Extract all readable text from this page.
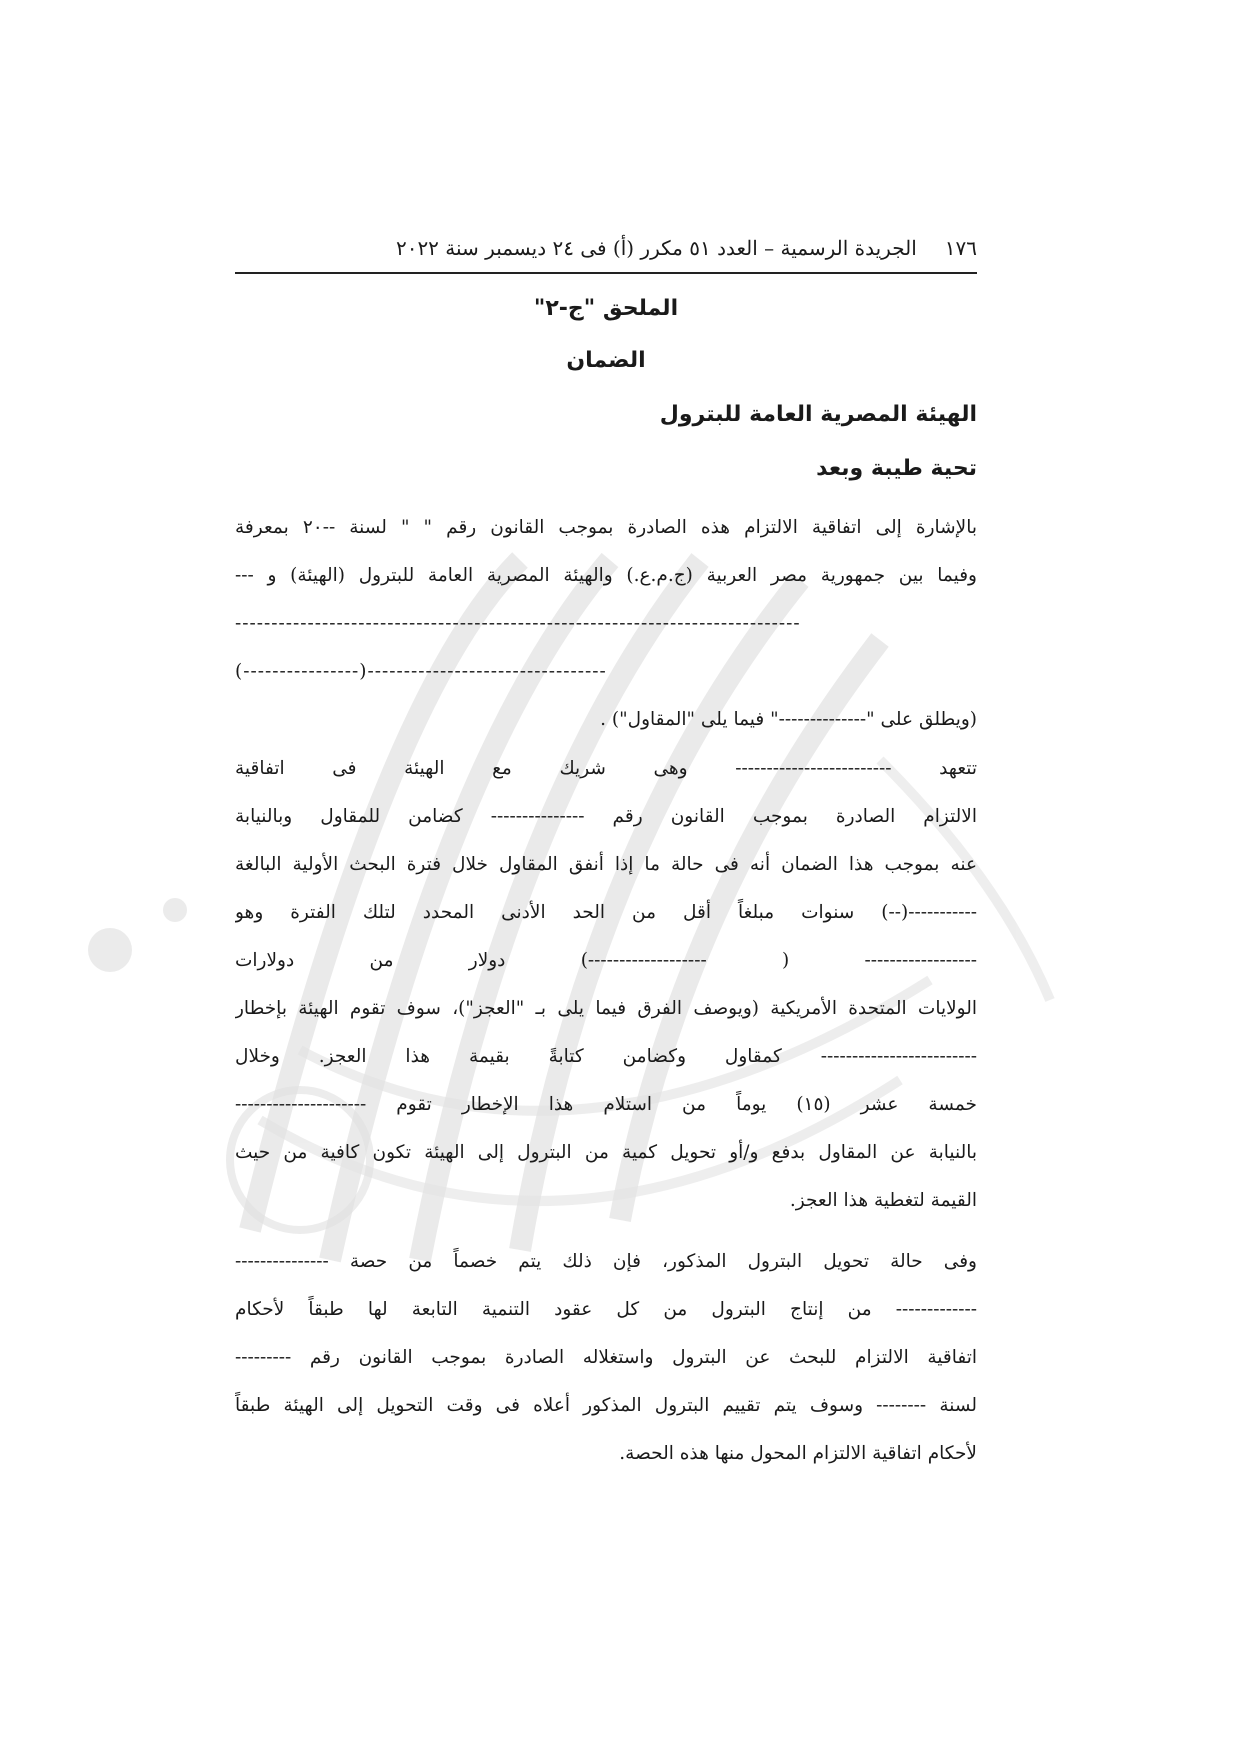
١٧٦
الجريدة الرسمية – العدد ٥١ مكرر (أ) فى ٢٤ ديسمبر سنة ٢٠٢٢
الملحق "ج-٢"
الضمان
الهيئة المصرية العامة للبترول
تحية طيبة وبعد
بالإشارة إلى اتفاقية الالتزام هذه الصادرة بموجب القانون رقم " " لسنة --٢٠ بمعرفة
وفيما بين جمهورية مصر العربية (ج.م.ع.) والهيئة المصرية العامة للبترول (الهيئة) و ---
------------------------------------------------------------------------------
(----------------)---------------------------------
(ويطلق على "--------------" فيما يلى "المقاول") .
تتعهد ------------------------- وهى شريك مع الهيئة فى اتفاقية
الالتزام الصادرة بموجب القانون رقم --------------- كضامن للمقاول وبالنيابة
عنه بموجب هذا الضمان أنه فى حالة ما إذا أنفق المقاول خلال فترة البحث الأولية البالغة
-----------(--) سنوات مبلغاً أقل من الحد الأدنى المحدد لتلك الفترة وهو
------------------ ( -------------------) دولار من دولارات
الولايات المتحدة الأمريكية (ويوصف الفرق فيما يلى بـ "العجز")، سوف تقوم الهيئة بإخطار
------------------------- كمقاول وكضامن كتابةً بقيمة هذا العجز. وخلال
خمسة عشر (١٥) يوماً من استلام هذا الإخطار تقوم ---------------------
بالنيابة عن المقاول بدفع و/أو تحويل كمية من البترول إلى الهيئة تكون كافية من حيث
القيمة لتغطية هذا العجز.
وفى حالة تحويل البترول المذكور، فإن ذلك يتم خصماً من حصة ---------------
------------- من إنتاج البترول من كل عقود التنمية التابعة لها طبقاً لأحكام
اتفاقية الالتزام للبحث عن البترول واستغلاله الصادرة بموجب القانون رقم ---------
لسنة -------- وسوف يتم تقييم البترول المذكور أعلاه فى وقت التحويل إلى الهيئة طبقاً
لأحكام اتفاقية الالتزام المحول منها هذه الحصة.
